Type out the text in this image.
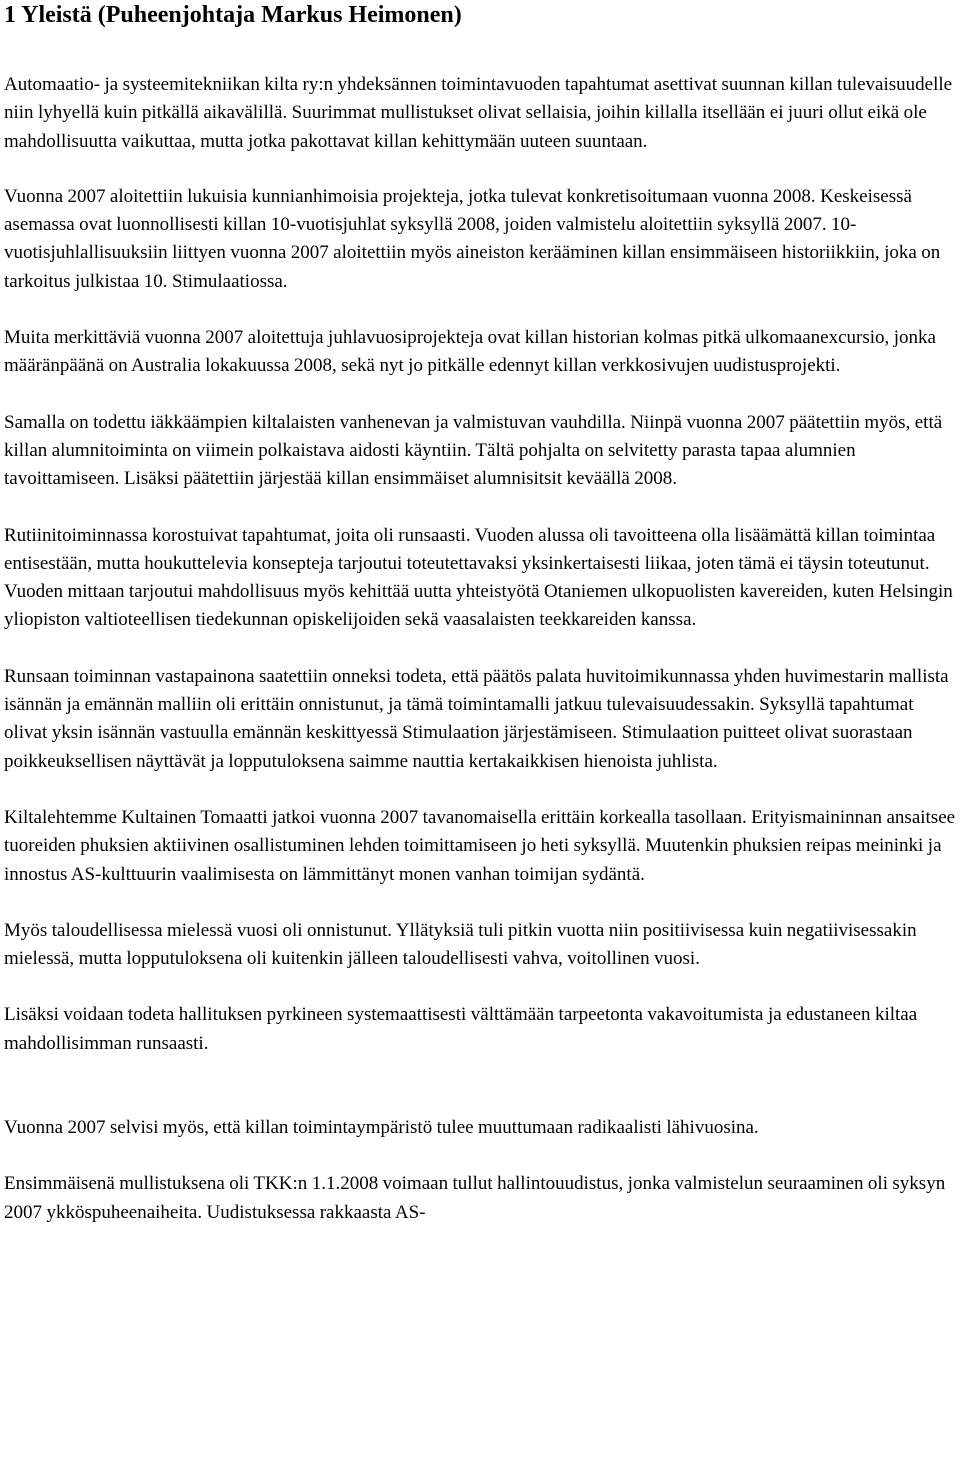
1 Yleistä (Puheenjohtaja Markus Heimonen)

Automaatio- ja systeemitekniikan kilta ry:n yhdeksännen toimintavuoden tapahtumat asettivat suunnan killan tulevaisuudelle niin lyhyellä kuin pitkällä aikavälillä. Suurimmat mullistukset olivat sellaisia, joihin killalla itsellään ei juuri ollut eikä ole mahdollisuutta vaikuttaa, mutta jotka pakottavat killan kehittymään uuteen suuntaan.

Vuonna 2007 aloitettiin lukuisia kunnianhimoisia projekteja, jotka tulevat konkretisoitumaan vuonna 2008. Keskeisessä asemassa ovat luonnollisesti killan 10-vuotisjuhlat syksyllä 2008, joiden valmistelu aloitettiin syksyllä 2007. 10-vuotisjuhlallisuuksiin liittyen vuonna 2007 aloitettiin myös aineiston kerääminen killan ensimmäiseen historiikkiin, joka on tarkoitus julkistaa 10. Stimulaatiossa.

Muita merkittäviä vuonna 2007 aloitettuja juhlavuosiprojekteja ovat killan historian kolmas pitkä ulkomaanexcursio, jonka määränpäänä on Australia lokakuussa 2008, sekä nyt jo pitkälle edennyt killan verkkosivujen uudistusprojekti.

Samalla on todettu iäkkäämpien kiltalaisten vanhenevan ja valmistuvan vauhdilla. Niinpä vuonna 2007 päätettiin myös, että killan alumnitoiminta on viimein polkaistava aidosti käyntiin. Tältä pohjalta on selvitetty parasta tapaa alumnien tavoittamiseen. Lisäksi päätettiin järjestää killan ensimmäiset alumnisitsit keväällä 2008.

Rutiinitoiminnassa korostuivat tapahtumat, joita oli runsaasti. Vuoden alussa oli tavoitteena olla lisäämättä killan toimintaa entisestään, mutta houkuttelevia konsepteja tarjoutui toteutettavaksi yksinkertaisesti liikaa, joten tämä ei täysin toteutunut. Vuoden mittaan tarjoutui mahdollisuus myös kehittää uutta yhteistyötä Otaniemen ulkopuolisten kavereiden, kuten Helsingin yliopiston valtioteellisen tiedekunnan opiskelijoiden sekä vaasalaisten teekkareiden kanssa.

Runsaan toiminnan vastapainona saatettiin onneksi todeta, että päätös palata huvitoimikunnassa yhden huvimestarin mallista isännän ja emännän malliin oli erittäin onnistunut, ja tämä toimintamalli jatkuu tulevaisuudessakin. Syksyllä tapahtumat olivat yksin isännän vastuulla emännän keskittyessä Stimulaation järjestämiseen. Stimulaation puitteet olivat suorastaan poikkeuksellisen näyttävät ja lopputuloksena saimme nauttia kertakaikkisen hienoista juhlista.

Kiltalehtemme Kultainen Tomaatti jatkoi vuonna 2007 tavanomaisella erittäin korkealla tasollaan. Erityismaininnan ansaitsee tuoreiden phuksien aktiivinen osallistuminen lehden toimittamiseen jo heti syksyllä. Muutenkin phuksien reipas meininki ja innostus AS-kulttuurin vaalimisesta on lämmittänyt monen vanhan toimijan sydäntä.

Myös taloudellisessa mielessä vuosi oli onnistunut. Yllätyksiä tuli pitkin vuotta niin positiivisessa kuin negatiivisessakin mielessä, mutta lopputuloksena oli kuitenkin jälleen taloudellisesti vahva, voitollinen vuosi.

Lisäksi voidaan todeta hallituksen pyrkineen systemaattisesti välttämään tarpeetonta vakavoitumista ja edustaneen kiltaa mahdollisimman runsaasti.

Vuonna 2007 selvisi myös, että killan toimintaympäristö tulee muuttumaan radikaalisti lähivuosina.

Ensimmäisenä mullistuksena oli TKK:n 1.1.2008 voimaan tullut hallintouudistus, jonka valmistelun seuraaminen oli syksyn 2007 ykköspuheenaiheita. Uudistuksessa rakkaasta AS-
